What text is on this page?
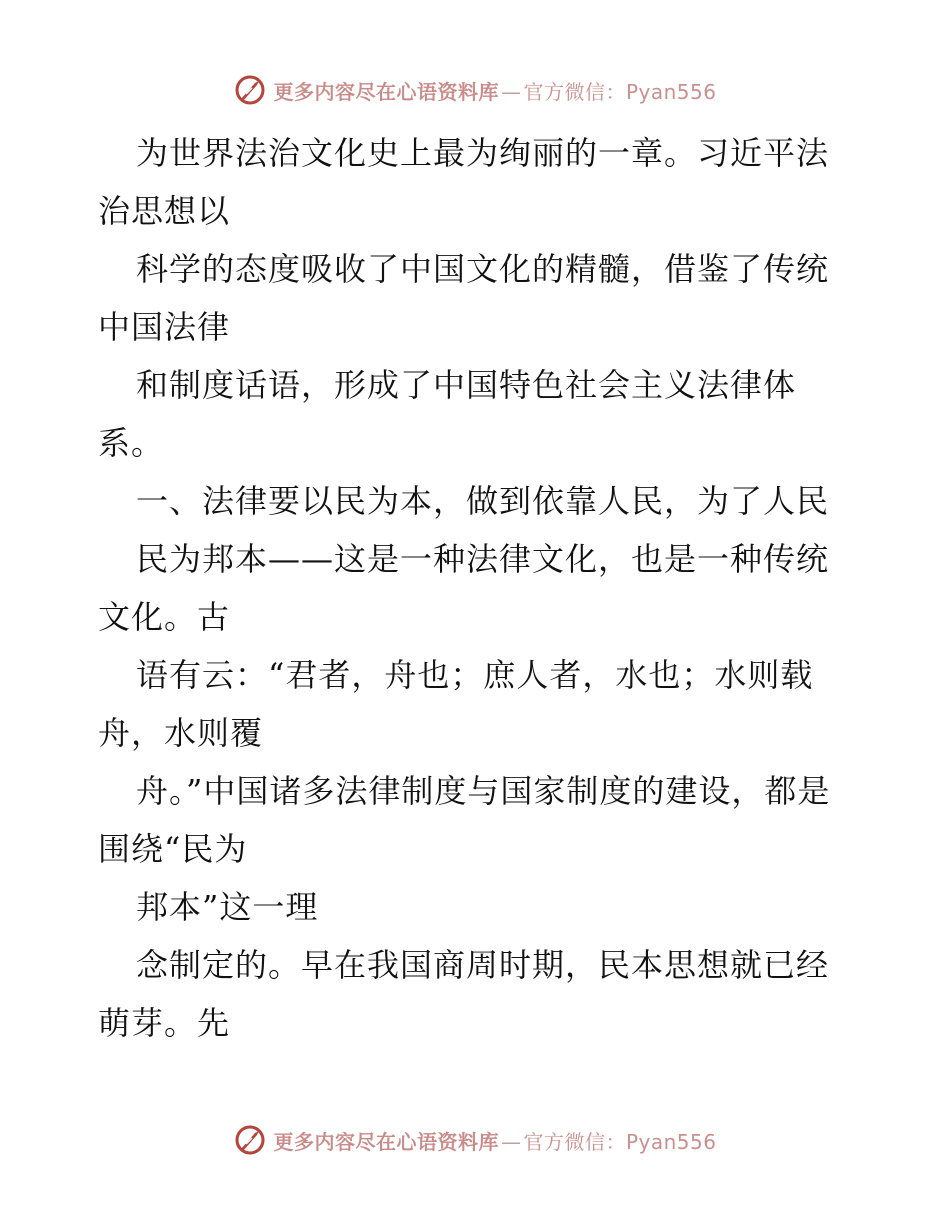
更多内容尽在心语资料库 — 官方微信：Pyan556

为世界法治文化史上最为绚丽的一章。习近平法治思想以

科学的态度吸收了中国文化的精髓，借鉴了传统中国法律

和制度话语，形成了中国特色社会主义法律体系。

一、法律要以民为本，做到依靠人民，为了人民

民为邦本——这是一种法律文化，也是一种传统文化。古

语有云：“君者，舟也；庶人者，水也；水则载舟，水则覆

舟。”中国诸多法律制度与国家制度的建设，都是围绕“民为

邦本”这一理

念制定的。早在我国商周时期，民本思想就已经萌芽。先

更多内容尽在心语资料库 — 官方微信：Pyan556
